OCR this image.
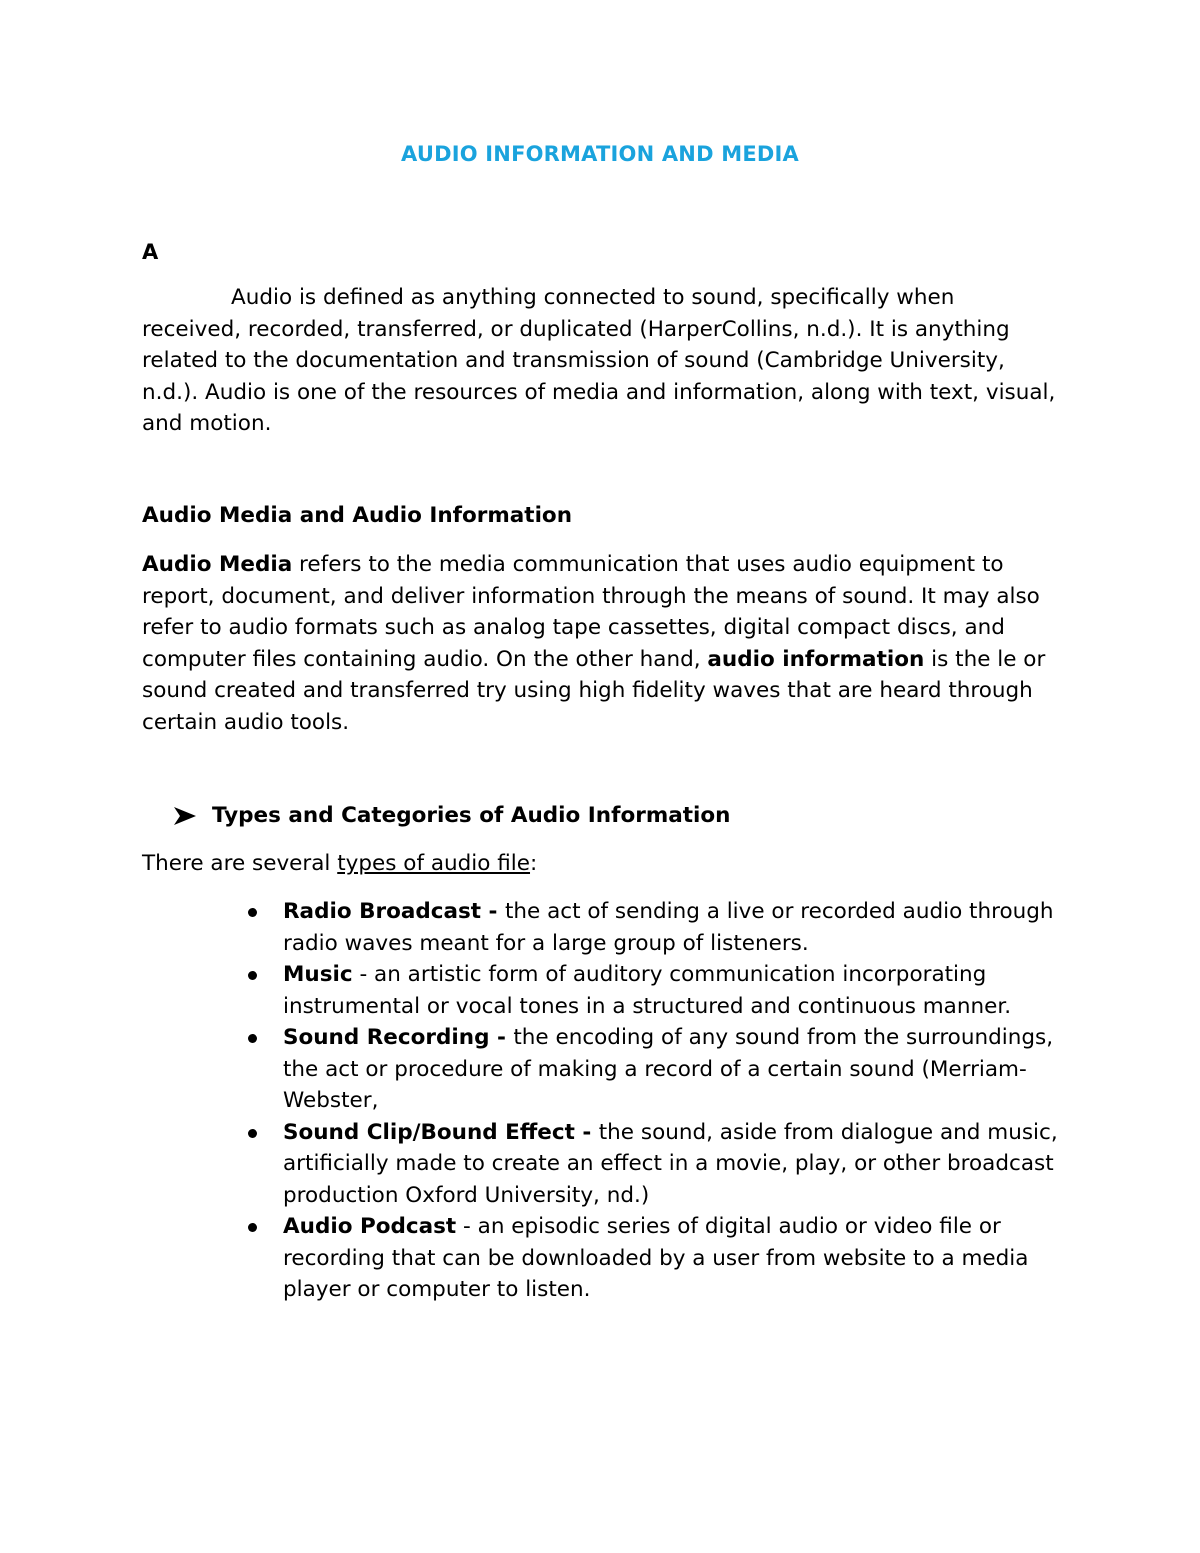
AUDIO INFORMATION AND MEDIA
A

Audio is defined as anything connected to sound, specifically when received, recorded, transferred, or duplicated (HarperCollins, n.d.). It is anything related to the documentation and transmission of sound (Cambridge University, n.d.). Audio is one of the resources of media and information, along with text, visual, and motion.

Audio Media and Audio Information

Audio Media refers to the media communication that uses audio equipment to report, document, and deliver information through the means of sound. It may also refer to audio formats such as analog tape cassettes, digital compact discs, and computer files containing audio. On the other hand, audio information is the le or sound created and transferred try using high fidelity waves that are heard through certain audio tools.

Types and Categories of Audio Information

There are several types of audio file:

Radio Broadcast - the act of sending a live or recorded audio through radio waves meant for a large group of listeners.
Music - an artistic form of auditory communication incorporating instrumental or vocal tones in a structured and continuous manner.
Sound Recording - the encoding of any sound from the surroundings, the act or procedure of making a record of a certain sound (Merriam-Webster,
Sound Clip/Bound Effect - the sound, aside from dialogue and music, artificially made to create an effect in a movie, play, or other broadcast production Oxford University, nd.)
Audio Podcast - an episodic series of digital audio or video file or recording that can be downloaded by a user from website to a media player or computer to listen.
